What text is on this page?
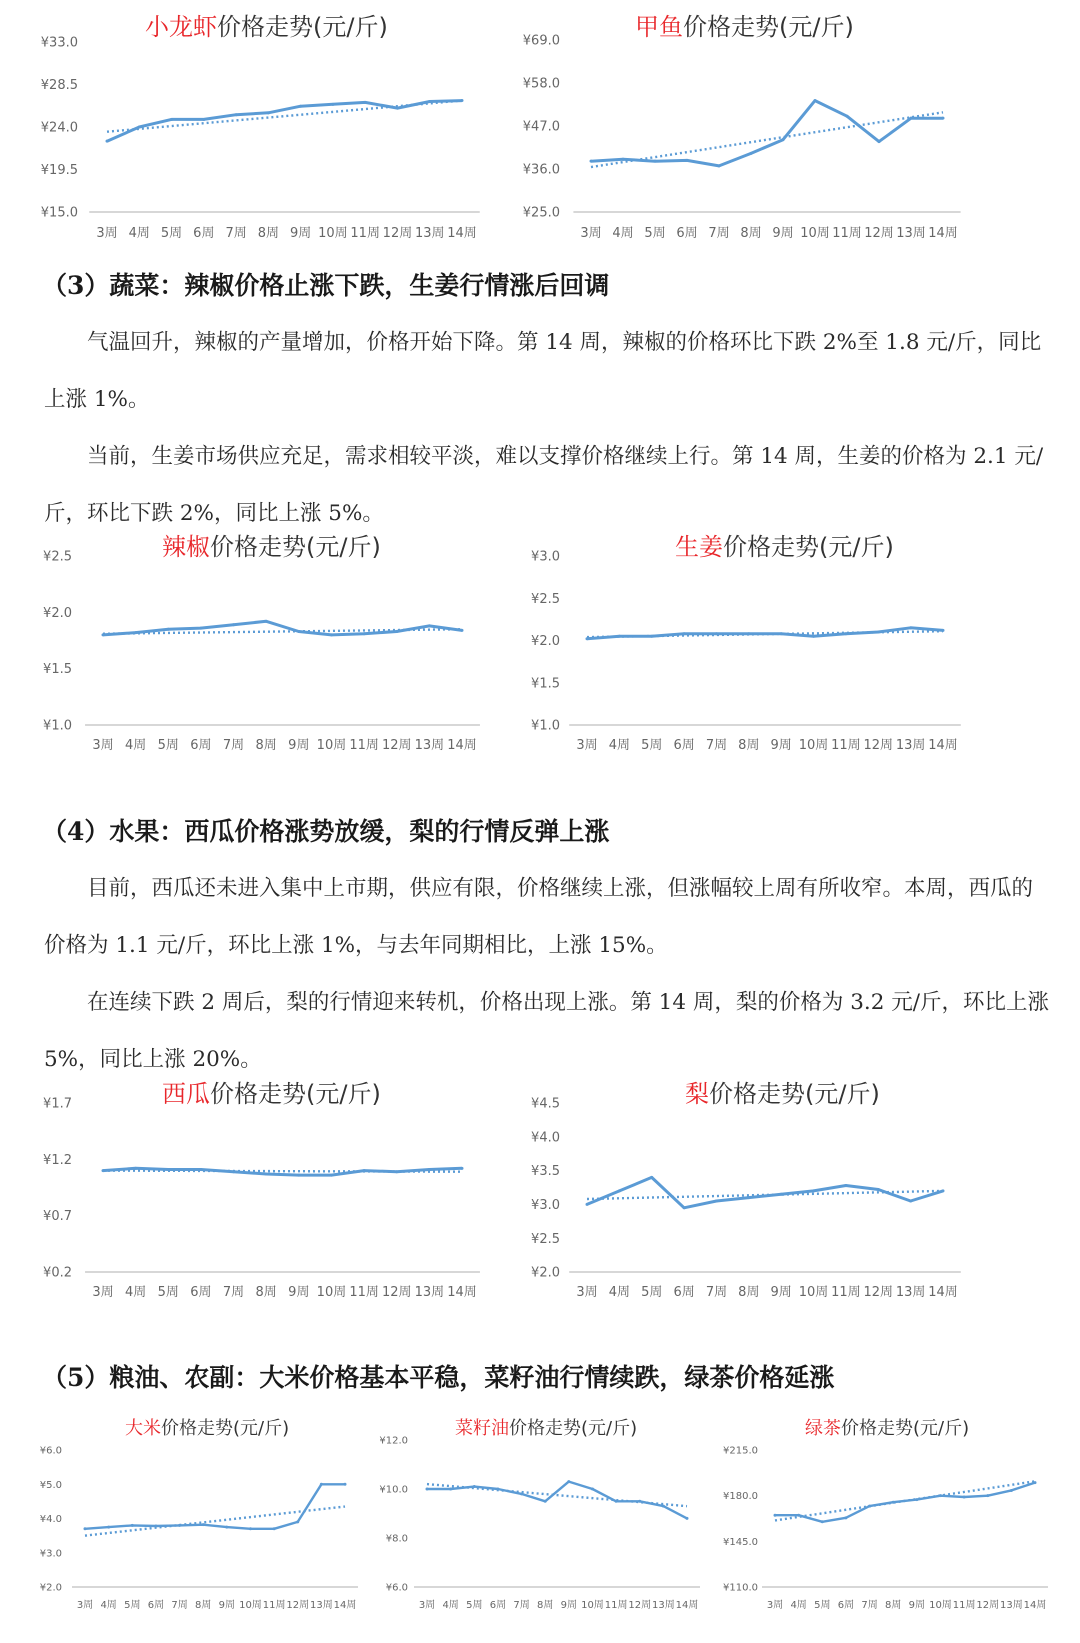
小龙虾价格走势(元/斤)
¥33.0
¥28.5
¥24.0
¥19.5
¥15.0
3周 4周 5周 6周 7周 8周 9周 10周 11周 12周 13周 14周
甲鱼价格走势(元/斤)
¥69.0
¥58.0
¥47.0
¥36.0
¥25.0
3周 4周 5周 6周 7周 8周 9周 10周 11周 12周 13周 14周
（3）蔬菜：辣椒价格止涨下跌，生姜行情涨后回调

气温回升，辣椒的产量增加，价格开始下降。第 14 周，辣椒的价格环比下跌 2%至 1.8 元/斤，同比上涨 1%。

当前，生姜市场供应充足，需求相较平淡，难以支撑价格继续上行。第 14 周，生姜的价格为 2.1 元/斤，环比下跌 2%，同比上涨 5%。

辣椒价格走势(元/斤)
¥2.5
¥2.0
¥1.5
¥1.0
3周 4周 5周 6周 7周 8周 9周 10周 11周 12周 13周 14周
生姜价格走势(元/斤)
¥3.0
¥2.5
¥2.0
¥1.5
¥1.0
3周 4周 5周 6周 7周 8周 9周 10周 11周 12周 13周 14周
（4）水果：西瓜价格涨势放缓，梨的行情反弹上涨

目前，西瓜还未进入集中上市期，供应有限，价格继续上涨，但涨幅较上周有所收窄。本周，西瓜的价格为 1.1 元/斤，环比上涨 1%，与去年同期相比，上涨 15%。

在连续下跌 2 周后，梨的行情迎来转机，价格出现上涨。第 14 周，梨的价格为 3.2 元/斤，环比上涨 5%，同比上涨 20%。

西瓜价格走势(元/斤)
¥1.7
¥1.2
¥0.7
¥0.2
3周 4周 5周 6周 7周 8周 9周 10周 11周 12周 13周 14周
梨价格走势(元/斤)
¥4.5
¥4.0
¥3.5
¥3.0
¥2.5
¥2.0
3周 4周 5周 6周 7周 8周 9周 10周 11周 12周 13周 14周
（5）粮油、农副：大米价格基本平稳，菜籽油行情续跌，绿茶价格延涨
大米价格走势(元/斤)
¥6.0
¥5.0
¥4.0
¥3.0
¥2.0
3周 4周 5周 6周 7周 8周 9周 10周 11周 12周 13周 14周
菜籽油价格走势(元/斤)
¥12.0
¥10.0
¥8.0
¥6.0
3周 4周 5周 6周 7周 8周 9周 10周 11周 12周 13周 14周
绿茶价格走势(元/斤)
¥215.0
¥180.0
¥145.0
¥110.0
3周 4周 5周 6周 7周 8周 9周 10周 11周 12周 13周 14周
